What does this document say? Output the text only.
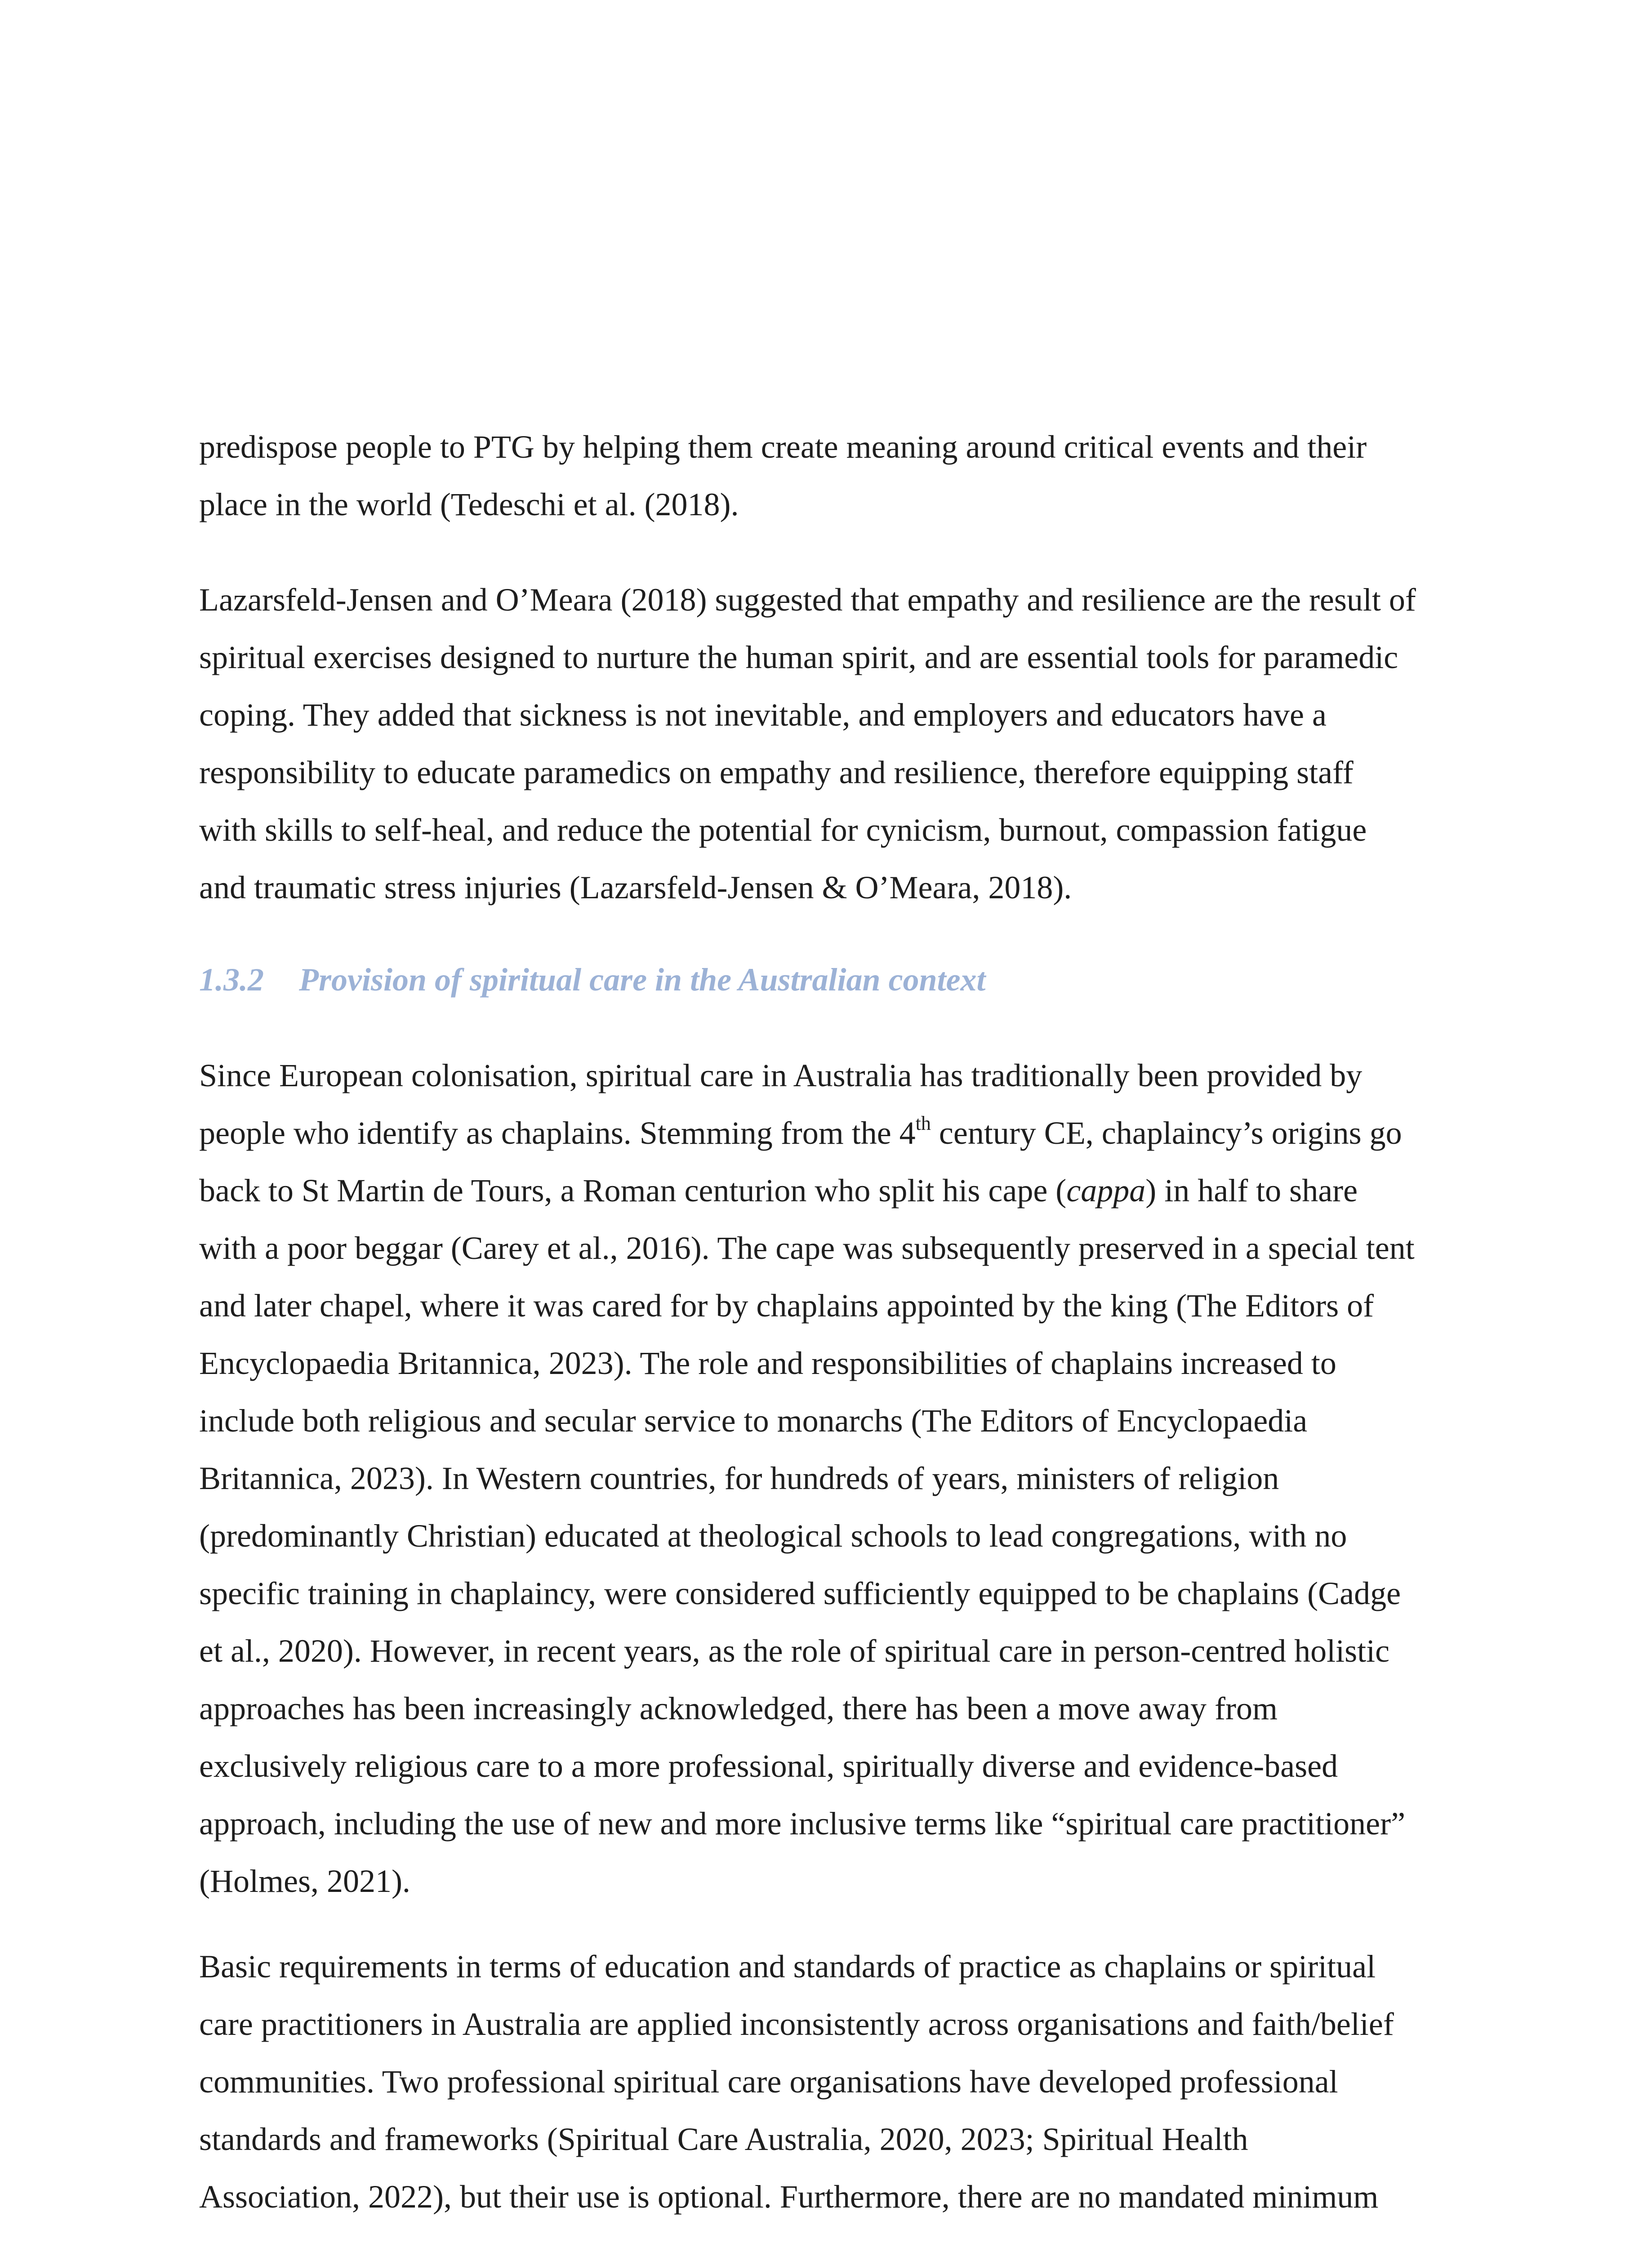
predispose people to PTG by helping them create meaning around critical events and their
place in the world (Tedeschi et al. (2018).

Lazarsfeld-Jensen and O’Meara (2018) suggested that empathy and resilience are the result of
spiritual exercises designed to nurture the human spirit, and are essential tools for paramedic
coping. They added that sickness is not inevitable, and employers and educators have a
responsibility to educate paramedics on empathy and resilience, therefore equipping staff
with skills to self-heal, and reduce the potential for cynicism, burnout, compassion fatigue
and traumatic stress injuries (Lazarsfeld-Jensen & O’Meara, 2018).

1.3.2 Provision of spiritual care in the Australian context

Since European colonisation, spiritual care in Australia has traditionally been provided by
people who identify as chaplains. Stemming from the 4th century CE, chaplaincy’s origins go
back to St Martin de Tours, a Roman centurion who split his cape (cappa) in half to share
with a poor beggar (Carey et al., 2016). The cape was subsequently preserved in a special tent
and later chapel, where it was cared for by chaplains appointed by the king (The Editors of
Encyclopaedia Britannica, 2023). The role and responsibilities of chaplains increased to
include both religious and secular service to monarchs (The Editors of Encyclopaedia
Britannica, 2023). In Western countries, for hundreds of years, ministers of religion
(predominantly Christian) educated at theological schools to lead congregations, with no
specific training in chaplaincy, were considered sufficiently equipped to be chaplains (Cadge
et al., 2020). However, in recent years, as the role of spiritual care in person-centred holistic
approaches has been increasingly acknowledged, there has been a move away from
exclusively religious care to a more professional, spiritually diverse and evidence-based
approach, including the use of new and more inclusive terms like “spiritual care practitioner”
(Holmes, 2021).

Basic requirements in terms of education and standards of practice as chaplains or spiritual
care practitioners in Australia are applied inconsistently across organisations and faith/belief
communities. Two professional spiritual care organisations have developed professional
standards and frameworks (Spiritual Care Australia, 2020, 2023; Spiritual Health
Association, 2022), but their use is optional. Furthermore, there are no mandated minimum
